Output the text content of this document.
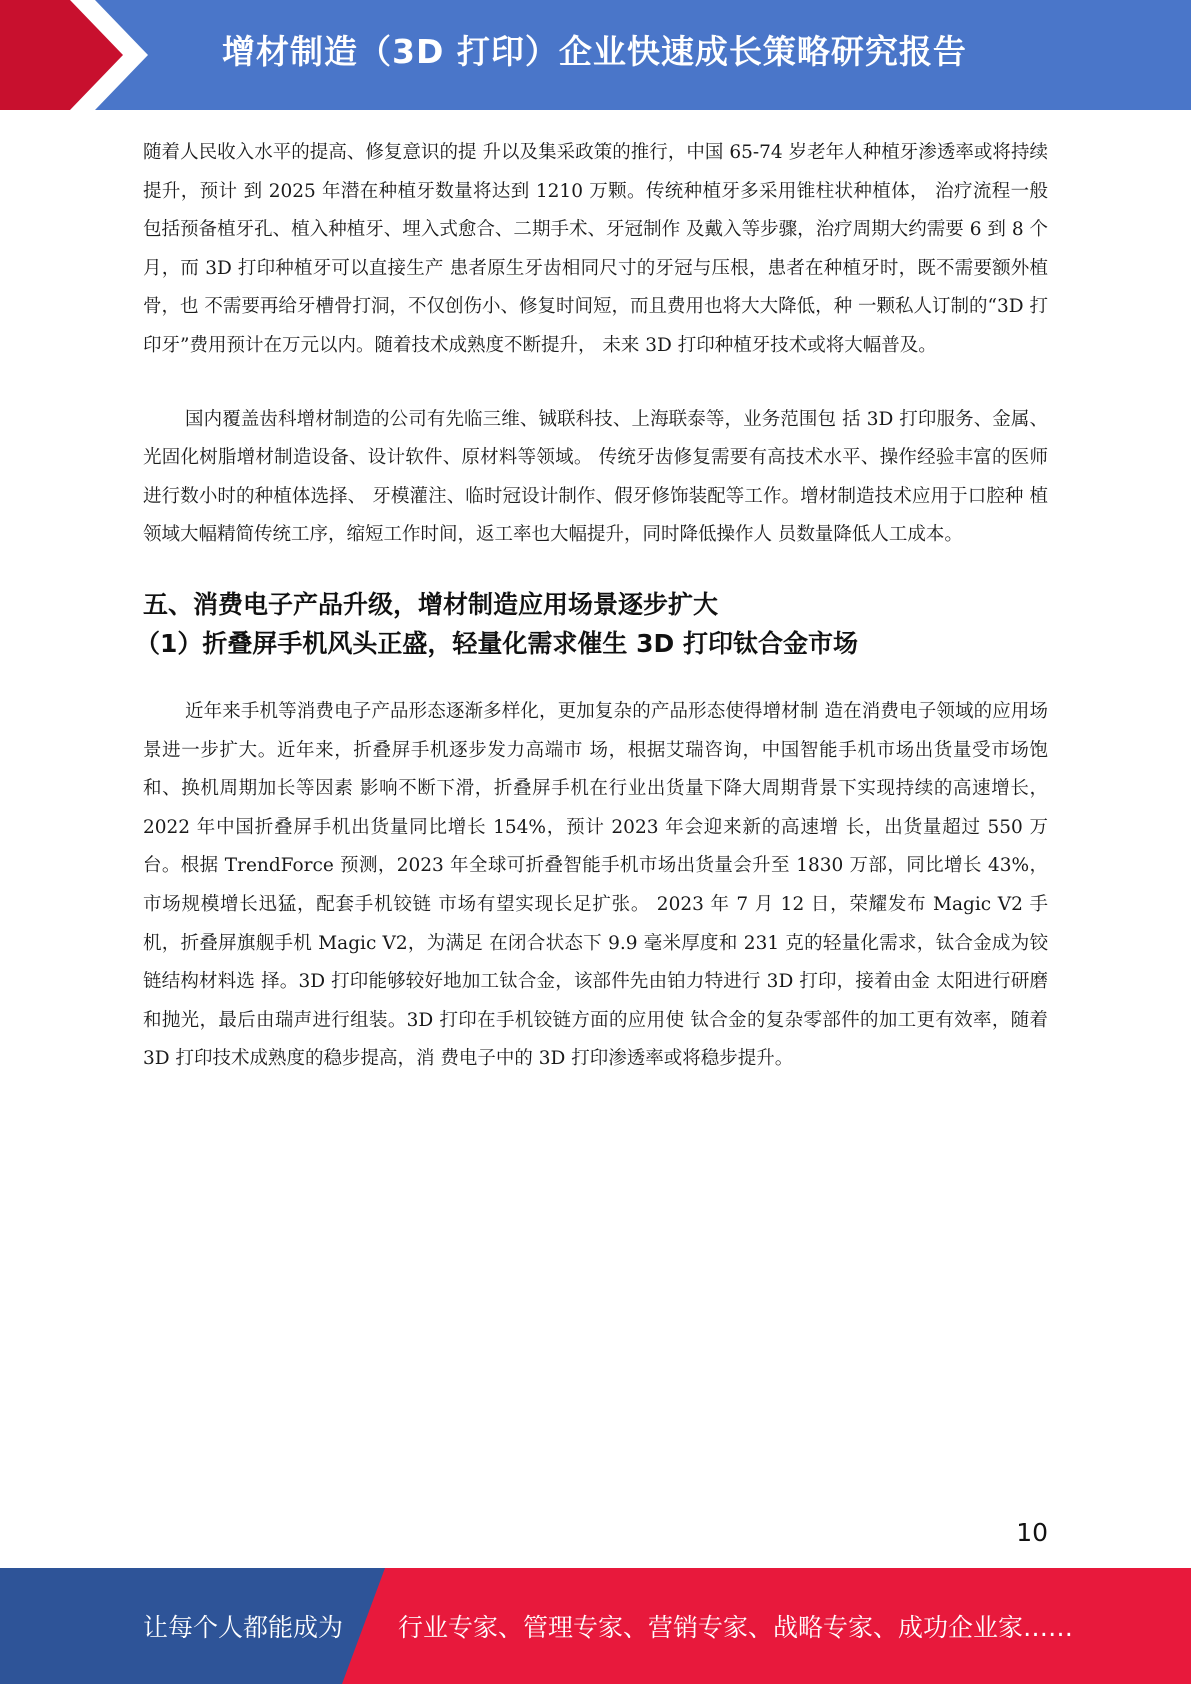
增材制造（3D 打印）企业快速成长策略研究报告

随着人民收入水平的提高、修复意识的提 升以及集采政策的推行，中国 65-74 岁老年人种植牙渗透率或将持续提升，预计 到 2025 年潜在种植牙数量将达到 1210 万颗。传统种植牙多采用锥柱状种植体， 治疗流程一般包括预备植牙孔、植入种植牙、埋入式愈合、二期手术、牙冠制作 及戴入等步骤，治疗周期大约需要 6 到 8 个月，而 3D 打印种植牙可以直接生产 患者原生牙齿相同尺寸的牙冠与压根，患者在种植牙时，既不需要额外植骨，也 不需要再给牙槽骨打洞，不仅创伤小、修复时间短，而且费用也将大大降低，种 一颗私人订制的“3D 打印牙”费用预计在万元以内。随着技术成熟度不断提升， 未来 3D 打印种植牙技术或将大幅普及。

国内覆盖齿科增材制造的公司有先临三维、铖联科技、上海联泰等，业务范围包 括 3D 打印服务、金属、光固化树脂增材制造设备、设计软件、原材料等领域。 传统牙齿修复需要有高技术水平、操作经验丰富的医师进行数小时的种植体选择、 牙模灌注、临时冠设计制作、假牙修饰装配等工作。增材制造技术应用于口腔种 植领域大幅精简传统工序，缩短工作时间，返工率也大幅提升，同时降低操作人 员数量降低人工成本。

五、消费电子产品升级，增材制造应用场景逐步扩大
（1）折叠屏手机风头正盛，轻量化需求催生 3D 打印钛合金市场

近年来手机等消费电子产品形态逐渐多样化，更加复杂的产品形态使得增材制 造在消费电子领域的应用场景进一步扩大。近年来，折叠屏手机逐步发力高端市 场，根据艾瑞咨询，中国智能手机市场出货量受市场饱和、换机周期加长等因素 影响不断下滑，折叠屏手机在行业出货量下降大周期背景下实现持续的高速增长， 2022 年中国折叠屏手机出货量同比增长 154%，预计 2023 年会迎来新的高速增 长，出货量超过 550 万台。根据 TrendForce 预测，2023 年全球可折叠智能手机市场出货量会升至 1830 万部，同比增长 43%，市场规模增长迅猛，配套手机铰链 市场有望实现长足扩张。 2023 年 7 月 12 日，荣耀发布 Magic V2 手机，折叠屏旗舰手机 Magic V2，为满足 在闭合状态下 9.9 毫米厚度和 231 克的轻量化需求，钛合金成为铰链结构材料选 择。3D 打印能够较好地加工钛合金，该部件先由铂力特进行 3D 打印，接着由金 太阳进行研磨和抛光，最后由瑞声进行组装。3D 打印在手机铰链方面的应用使 钛合金的复杂零部件的加工更有效率，随着 3D 打印技术成熟度的稳步提高，消 费电子中的 3D 打印渗透率或将稳步提升。

10
让每个人都能成为 行业专家、管理专家、营销专家、战略专家、成功企业家……
